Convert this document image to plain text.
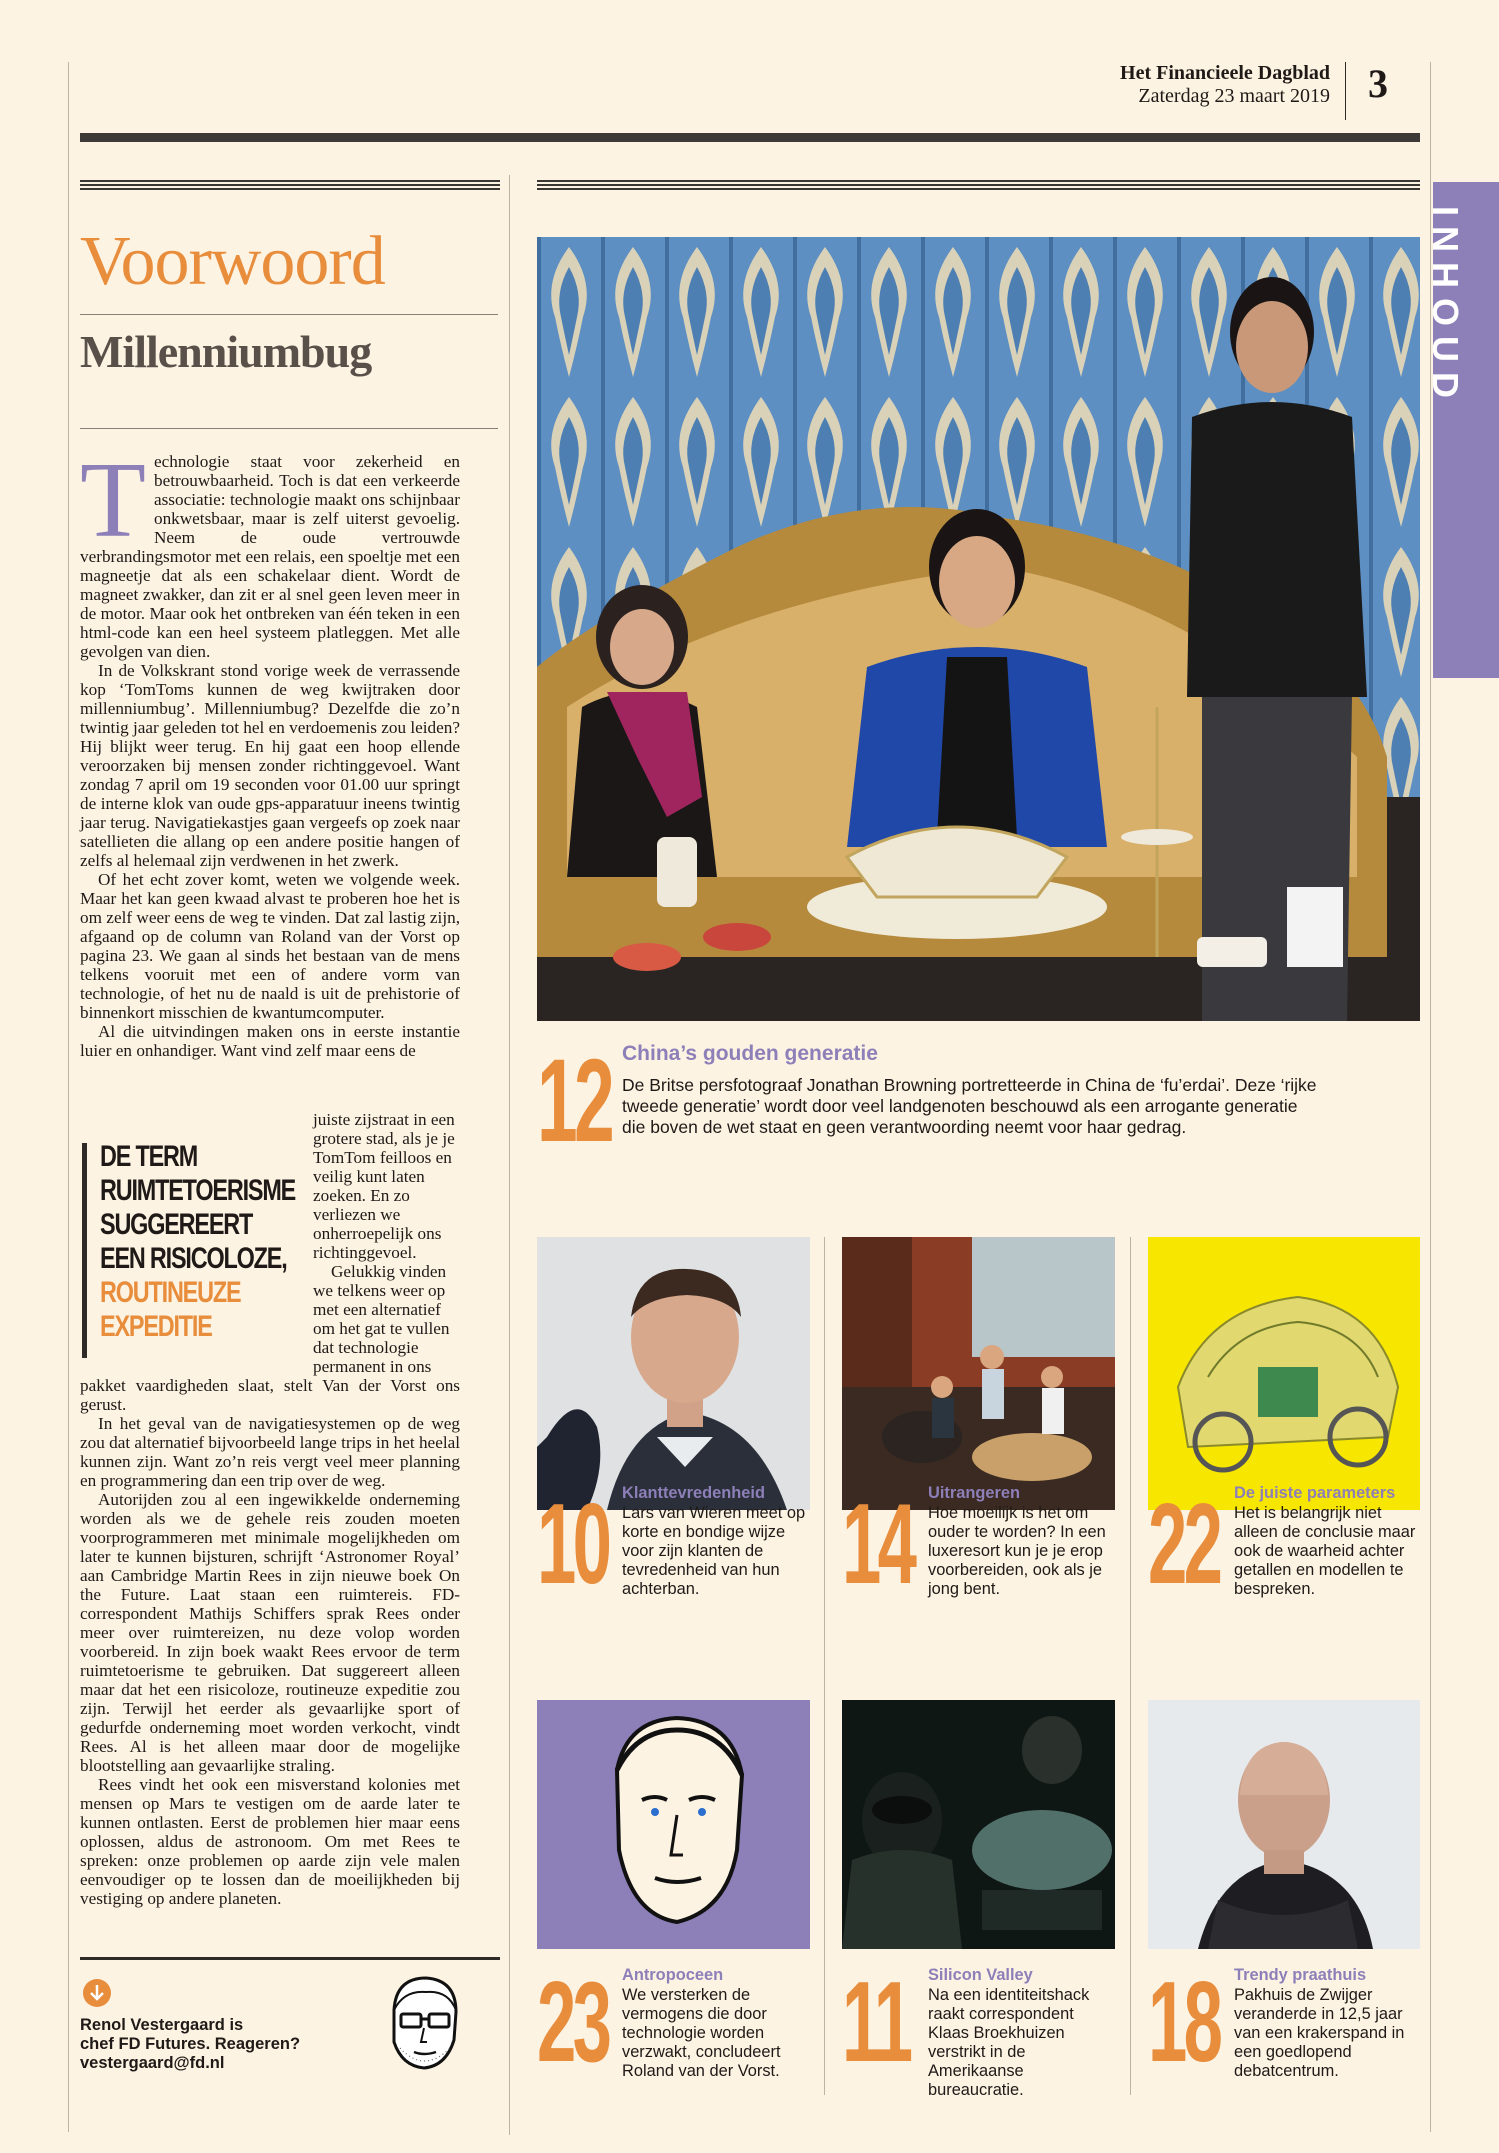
Het Financieele Dagblad
Zaterdag 23 maart 2019 3
INHOUD
Voorwoord
Millenniumbug

Technologie staat voor zekerheid en betrouwbaarheid. Toch is dat een verkeerde associatie: technologie maakt ons schijnbaar onkwetsbaar, maar is zelf uiterst gevoelig. Neem de oude vertrouwde verbrandingsmotor met een relais, een spoeltje met een magneetje dat als een schakelaar dient. Wordt de magneet zwakker, dan zit er al snel geen leven meer in de motor. Maar ook het ontbreken van één teken in een html-code kan een heel systeem platleggen. Met alle gevolgen van dien.

In de Volkskrant stond vorige week de verrassende kop ‘TomToms kunnen de weg kwijtraken door millenniumbug’. Millenniumbug? Dezelfde die zo’n twintig jaar geleden tot hel en verdoemenis zou leiden? Hij blijkt weer terug. En hij gaat een hoop ellende veroorzaken bij mensen zonder richtinggevoel. Want zondag 7 april om 19 seconden voor 01.00 uur springt de interne klok van oude gps-apparatuur ineens twintig jaar terug. Navigatiekastjes gaan vergeefs op zoek naar satellieten die allang op een andere positie hangen of zelfs al helemaal zijn verdwenen in het zwerk.

Of het echt zover komt, weten we volgende week. Maar het kan geen kwaad alvast te proberen hoe het is om zelf weer eens de weg te vinden. Dat zal lastig zijn, afgaand op de column van Roland van der Vorst op pagina 23. We gaan al sinds het bestaan van de mens telkens vooruit met een of andere vorm van technologie, of het nu de naald is uit de prehistorie of binnenkort misschien de kwantumcomputer.

Al die uitvindingen maken ons in eerste instantie luier en onhandiger. Want vind zelf maar eens de

DE TERM
RUIMTETOERISME
SUGGEREERT
EEN RISICOLOZE,
ROUTINEUZE
EXPEDITIE
juiste zijstraat in een grotere stad, als je je TomTom feilloos en veilig kunt laten zoeken. En zo verliezen we onherroepelijk ons richtinggevoel.
Gelukkig vinden we telkens weer op met een alternatief om het gat te vullen dat technologie permanent in ons

pakket vaardigheden slaat, stelt Van der Vorst ons gerust.

In het geval van de navigatiesystemen op de weg zou dat alternatief bijvoorbeeld lange trips in het heelal kunnen zijn. Want zo’n reis vergt veel meer planning en programmering dan een trip over de weg.

Autorijden zou al een ingewikkelde onderneming worden als we de gehele reis zouden moeten voorprogrammeren met minimale mogelijkheden om later te kunnen bijsturen, schrijft ‘Astronomer Royal’ aan Cambridge Martin Rees in zijn nieuwe boek On the Future. Laat staan een ruimtereis. FD-correspondent Mathijs Schiffers sprak Rees onder meer over ruimtereizen, nu deze volop worden voorbereid. In zijn boek waakt Rees ervoor de term ruimtetoerisme te gebruiken. Dat suggereert alleen maar dat het een risicoloze, routineuze expeditie zou zijn. Terwijl het eerder als gevaarlijke sport of gedurfde onderneming moet worden verkocht, vindt Rees. Al is het alleen maar door de mogelijke blootstelling aan gevaarlijke straling.

Rees vindt het ook een misverstand kolonies met mensen op Mars te vestigen om de aarde later te kunnen ontlasten. Eerst de problemen hier maar eens oplossen, aldus de astronoom. Om met Rees te spreken: onze problemen op aarde zijn vele malen eenvoudiger op te lossen dan de moeilijkheden bij vestiging op andere planeten.

Renol Vestergaard is
chef FD Futures. Reageren?
vestergaard@fd.nl
12 China’s gouden generatie
De Britse persfotograaf Jonathan Browning portretteerde in China de ‘fu’erdai’. Deze ‘rijke tweede generatie’ wordt door veel landgenoten beschouwd als een arrogante generatie die boven de wet staat en geen verantwoording neemt voor haar gedrag.
10 Klanttevredenheid
Lars van Wieren meet op korte en bondige wijze voor zijn klanten de tevredenheid van hun achterban.	14 Uitrangeren
Hoe moeilijk is het om ouder te worden? In een luxeresort kun je je erop voorbereiden, ook als je jong bent.	22 De juiste parameters
Het is belangrijk niet alleen de conclusie maar ook de waarheid achter getallen en modellen te bespreken.
23 Antropoceen
We versterken de vermogens die door technologie worden verzwakt, concludeert Roland van der Vorst. 11 Silicon Valley
Na een identiteitshack raakt correspondent Klaas Broekhuizen verstrikt in de Amerikaanse bureaucratie.
18 Trendy praathuis
Pakhuis de Zwijger veranderde in 12,5 jaar van een krakerspand in een goedlopend debatcentrum.
